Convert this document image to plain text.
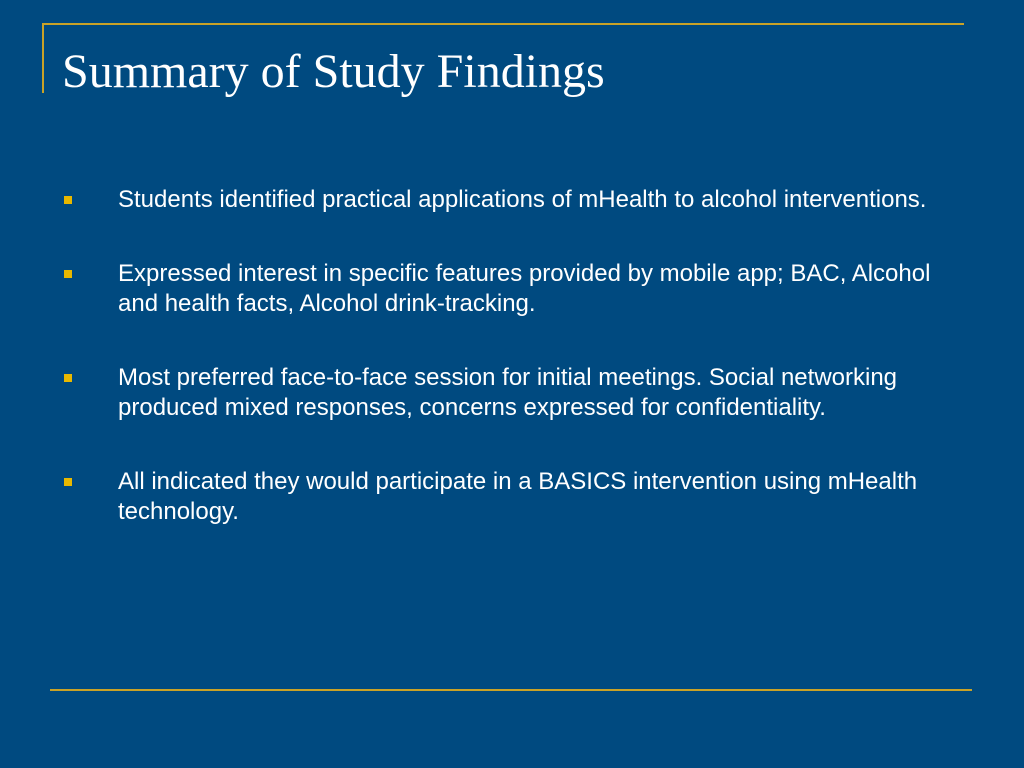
Summary of Study Findings
Students identified practical applications of mHealth to alcohol interventions.
Expressed interest in specific features provided by mobile app; BAC, Alcohol and health facts, Alcohol drink-tracking.
Most preferred face-to-face session for initial meetings. Social networking produced mixed responses, concerns expressed for confidentiality.
All indicated they would participate in a BASICS intervention using mHealth technology.
